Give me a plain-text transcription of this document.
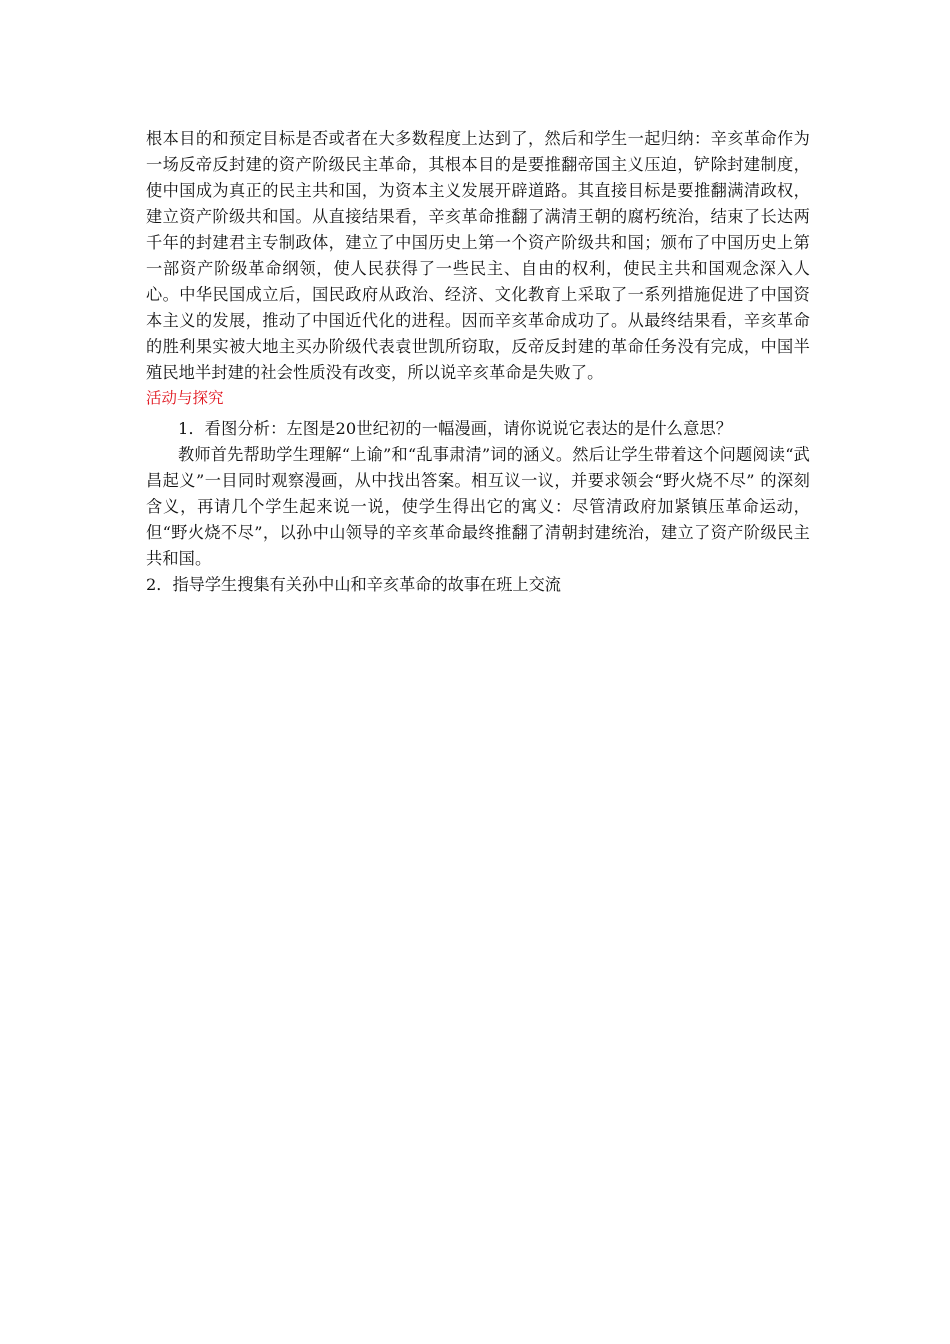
根本目的和预定目标是否或者在大多数程度上达到了，然后和学生一起归纳：辛亥革命作为一场反帝反封建的资产阶级民主革命，其根本目的是要推翻帝国主义压迫，铲除封建制度，使中国成为真正的民主共和国，为资本主义发展开辟道路。其直接目标是要推翻满清政权，建立资产阶级共和国。从直接结果看，辛亥革命推翻了满清王朝的腐朽统治，结束了长达两千年的封建君主专制政体，建立了中国历史上第一个资产阶级共和国；颁布了中国历史上第一部资产阶级革命纲领，使人民获得了一些民主、自由的权利，使民主共和国观念深入人心。中华民国成立后，国民政府从政治、经济、文化教育上采取了一系列措施促进了中国资本主义的发展，推动了中国近代化的进程。因而辛亥革命成功了。从最终结果看，辛亥革命的胜利果实被大地主买办阶级代表袁世凯所窃取，反帝反封建的革命任务没有完成，中国半殖民地半封建的社会性质没有改变，所以说辛亥革命是失败了。

活动与探究

1．看图分析：左图是20世纪初的一幅漫画，请你说说它表达的是什么意思？

教师首先帮助学生理解“上谕”和“乱事肃清”词的涵义。然后让学生带着这个问题阅读“武昌起义”一目同时观察漫画，从中找出答案。相互议一议，并要求领会“野火烧不尽” 的深刻含义，再请几个学生起来说一说，使学生得出它的寓义：尽管清政府加紧镇压革命运动，但“野火烧不尽”，以孙中山领导的辛亥革命最终推翻了清朝封建统治，建立了资产阶级民主共和国。

2．指导学生搜集有关孙中山和辛亥革命的故事在班上交流
